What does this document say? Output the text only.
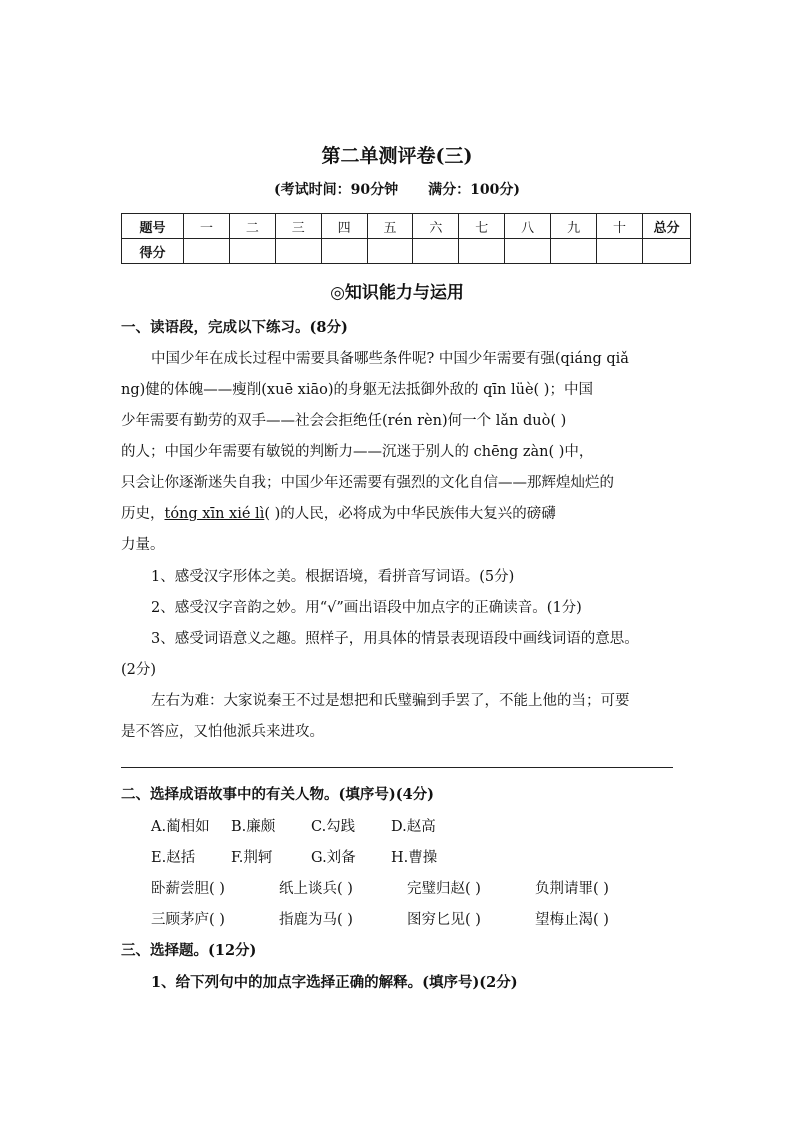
第二单测评卷(三)
(考试时间：90分钟 满分：100分)
题号	一	二	三	四	五	六	七	八	九	十	总分
得分											
◎知识能力与运用
一、读语段，完成以下练习。(8分)
中国少年在成长过程中需要具备哪些条件呢? 中国少年需要有强(qiáng qiǎ
ng)健的体魄——瘦削(xuē xiāo)的身躯无法抵御外敌的 qīn lüè( )；中国
少年需要有勤劳的双手——社会会拒绝任(rén rèn)何一个 lǎn duò( )
的人；中国少年需要有敏锐的判断力——沉迷于别人的 chēng zàn( )中，
只会让你逐渐迷失自我；中国少年还需要有强烈的文化自信——那辉煌灿烂的
历史，tóng xīn xié lì( )的人民，必将成为中华民族伟大复兴的磅礴
力量。
1、感受汉字形体之美。根据语境，看拼音写词语。(5分)
2、感受汉字音韵之妙。用“√”画出语段中加点字的正确读音。(1分)
3、感受词语意义之趣。照样子，用具体的情景表现语段中画线词语的意思。
(2分)
左右为难：大家说秦王不过是想把和氏璧骗到手罢了，不能上他的当；可要
是不答应，又怕他派兵来进攻。
二、选择成语故事中的有关人物。(填序号)(4分)
A.蔺相如 B.廉颇 C.勾践 D.赵高
E.赵括 F.荆轲	G.刘备 H.曹操
卧薪尝胆( )	纸上谈兵( )	完璧归赵( )	负荆请罪( )
三顾茅庐( )	指鹿为马( )	图穷匕见( )	望梅止渴( )
三、选择题。(12分)
1、给下列句中的加点字选择正确的解释。(填序号)(2分)
